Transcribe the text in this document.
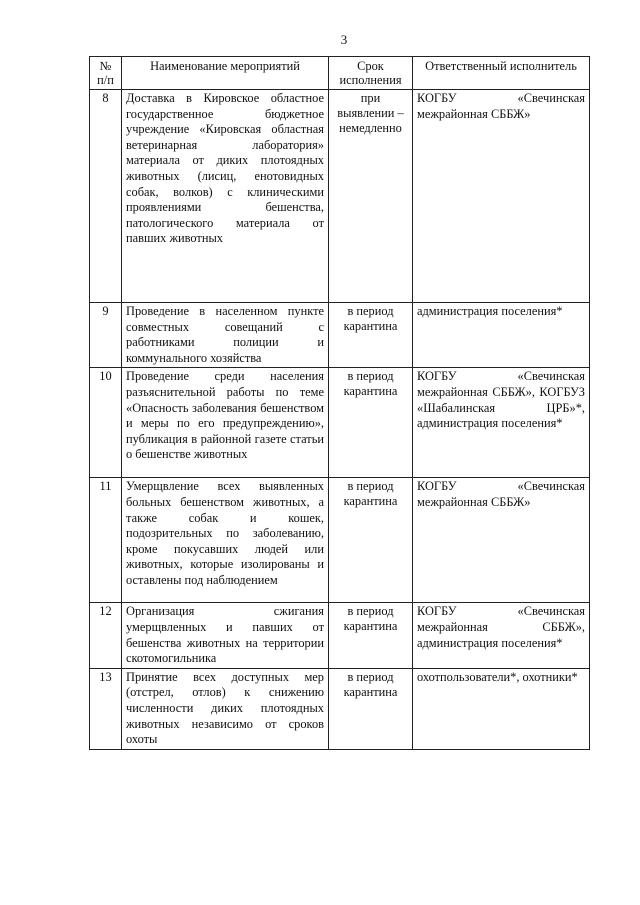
3
№ п/п	Наименование мероприятий	Срок исполнения	Ответственный исполнитель
8	Доставка в Кировское областное государственное бюджетное учреждение «Кировская областная ветеринарная лаборатория» материала от диких плотоядных животных (лисиц, енотовидных собак, волков) с клиническими проявлениями бешенства, патологического материала от павших животных	при выявлении – немедленно	КОГБУ «Свечинская межрайонная СББЖ»
9	Проведение в населенном пункте совместных совещаний с работниками полиции и коммунального хозяйства	в период карантина	администрация поселения*
10	Проведение среди населения разъяснительной работы по теме «Опасность заболевания бешенством и меры по его предупреждению», публикация в районной газете статьи о бешенстве животных	в период карантина	КОГБУ «Свечинская межрайонная СББЖ», КОГБУЗ «Шабалинская ЦРБ»*, администрация поселения*
11	Умерщвление всех выявленных больных бешенством животных, а также собак и кошек, подозрительных по заболеванию, кроме покусавших людей или животных, которые изолированы и оставлены под наблюдением	в период карантина	КОГБУ «Свечинская межрайонная СББЖ»
12	Организация сжигания умерщвленных и павших от бешенства животных на территории скотомогильника	в период карантина	КОГБУ «Свечинская межрайонная СББЖ», администрация поселения*
13	Принятие всех доступных мер (отстрел, отлов) к снижению численности диких плотоядных животных независимо от сроков охоты	в период карантина	охотпользователи*, охотники*
